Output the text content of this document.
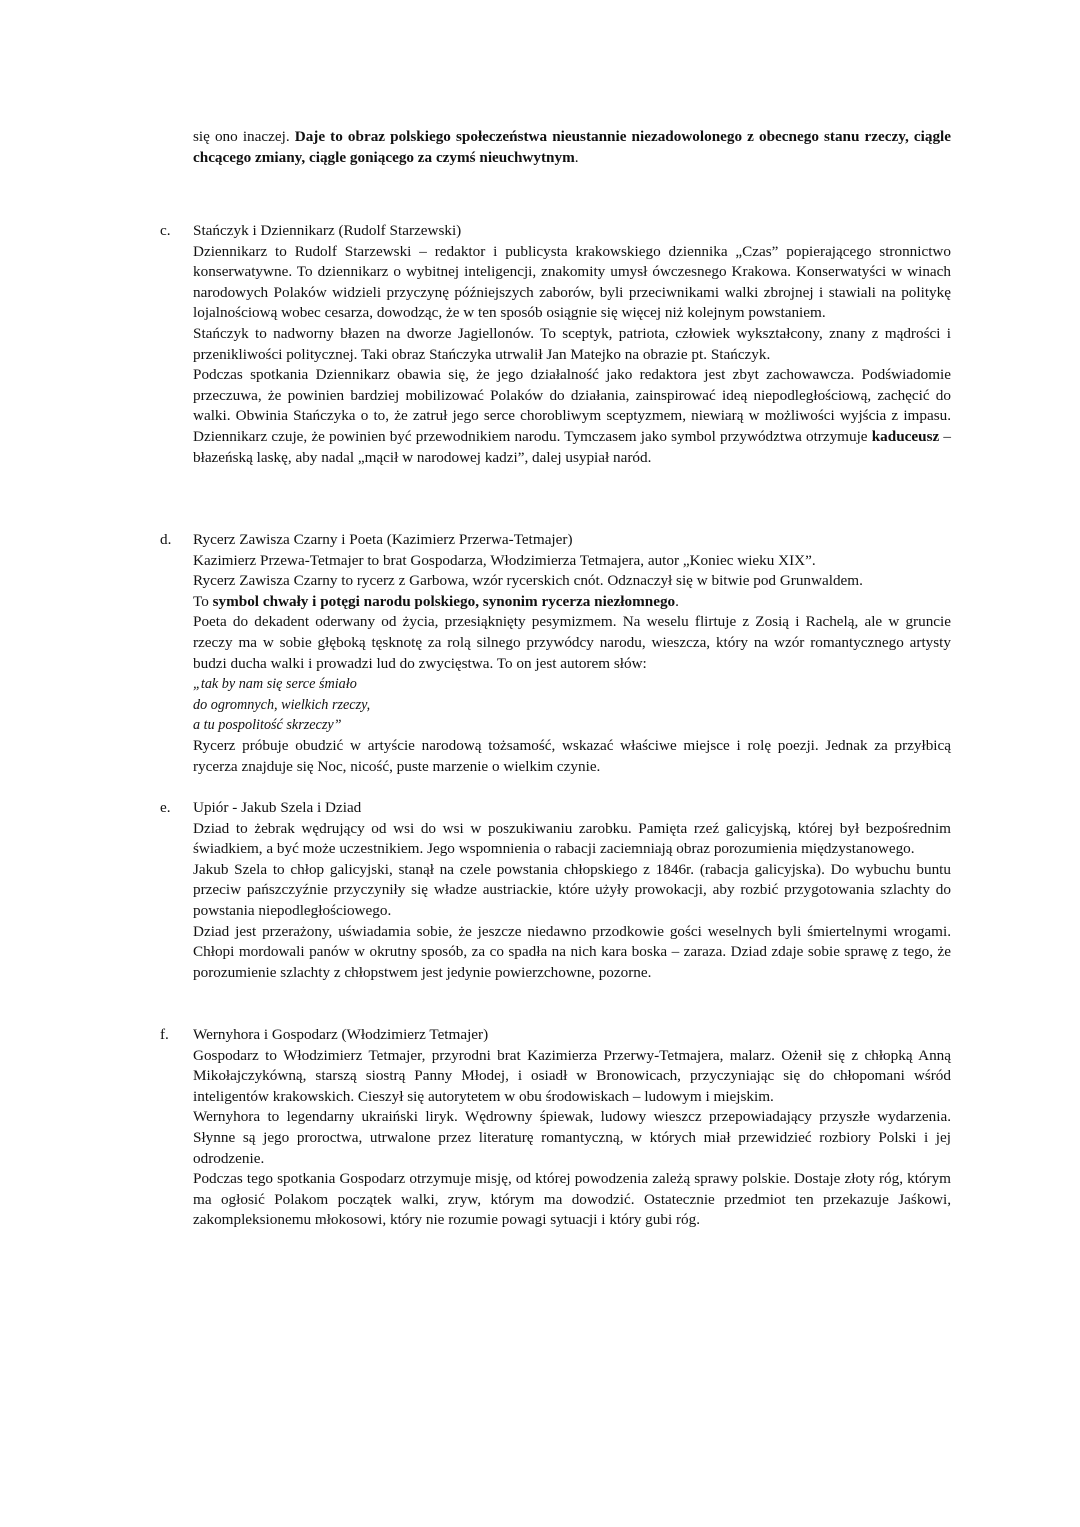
się ono inaczej. Daje to obraz polskiego społeczeństwa nieustannie niezadowolonego z obecnego stanu rzeczy, ciągle chcącego zmiany, ciągle goniącego za czymś nieuchwytnym.
c.	Stańczyk i Dziennikarz (Rudolf Starzewski)

Dziennikarz to Rudolf Starzewski – redaktor i publicysta krakowskiego dziennika „Czas” popierającego stronnictwo konserwatywne. To dziennikarz o wybitnej inteligencji, znakomity umysł ówczesnego Krakowa. Konserwatyści w winach narodowych Polaków widzieli przyczynę późniejszych zaborów, byli przeciwnikami walki zbrojnej i stawiali na politykę lojalnościową wobec cesarza, dowodząc, że w ten sposób osiągnie się więcej niż kolejnym powstaniem.

Stańczyk to nadworny błazen na dworze Jagiellonów. To sceptyk, patriota, człowiek wykształcony, znany z mądrości i przenikliwości politycznej. Taki obraz Stańczyka utrwalił Jan Matejko na obrazie pt. Stańczyk.

Podczas spotkania Dziennikarz obawia się, że jego działalność jako redaktora jest zbyt zachowawcza. Podświadomie przeczuwa, że powinien bardziej mobilizować Polaków do działania, zainspirować ideą niepodległościową, zachęcić do walki. Obwinia Stańczyka o to, że zatruł jego serce chorobliwym sceptyzmem, niewiarą w możliwości wyjścia z impasu. Dziennikarz czuje, że powinien być przewodnikiem narodu. Tymczasem jako symbol przywództwa otrzymuje kaduceusz – błazeńską laskę, aby nadal „mącił w narodowej kadzi”, dalej usypiał naród.

d.	Rycerz Zawisza Czarny i Poeta (Kazimierz Przerwa-Tetmajer)

Kazimierz Przewa-Tetmajer to brat Gospodarza, Włodzimierza Tetmajera, autor „Koniec wieku XIX”.

Rycerz Zawisza Czarny to rycerz z Garbowa, wzór rycerskich cnót. Odznaczył się w bitwie pod Grunwaldem.

To symbol chwały i potęgi narodu polskiego, synonim rycerza niezłomnego.

Poeta do dekadent oderwany od życia, przesiąknięty pesymizmem. Na weselu flirtuje z Zosią i Rachelą, ale w gruncie rzeczy ma w sobie głęboką tęsknotę za rolą silnego przywódcy narodu, wieszcza, który na wzór romantycznego artysty budzi ducha walki i prowadzi lud do zwycięstwa. To on jest autorem słów:

„tak by nam się serce śmiało

do ogromnych, wielkich rzeczy,

a tu pospolitość skrzeczy”

Rycerz próbuje obudzić w artyście narodową tożsamość, wskazać właściwe miejsce i rolę poezji. Jednak za przyłbicą rycerza znajduje się Noc, nicość, puste marzenie o wielkim czynie.

e.	Upiór - Jakub Szela i Dziad

Dziad to żebrak wędrujący od wsi do wsi w poszukiwaniu zarobku. Pamięta rzeź galicyjską, której był bezpośrednim świadkiem, a być może uczestnikiem. Jego wspomnienia o rabacji zaciemniają obraz porozumienia międzystanowego.

Jakub Szela to chłop galicyjski, stanął na czele powstania chłopskiego z 1846r. (rabacja galicyjska). Do wybuchu buntu przeciw pańszczyźnie przyczyniły się władze austriackie, które użyły prowokacji, aby rozbić przygotowania szlachty do powstania niepodległościowego.

Dziad jest przerażony, uświadamia sobie, że jeszcze niedawno przodkowie gości weselnych byli śmiertelnymi wrogami. Chłopi mordowali panów w okrutny sposób, za co spadła na nich kara boska – zaraza. Dziad zdaje sobie sprawę z tego, że porozumienie szlachty z chłopstwem jest jedynie powierzchowne, pozorne.

f.	Wernyhora i Gospodarz (Włodzimierz Tetmajer)

Gospodarz to Włodzimierz Tetmajer, przyrodni brat Kazimierza Przerwy-Tetmajera, malarz. Ożenił się z chłopką Anną Mikołajczykówną, starszą siostrą Panny Młodej, i osiadł w Bronowicach, przyczyniając się do chłopomani wśród inteligentów krakowskich. Cieszył się autorytetem w obu środowiskach – ludowym i miejskim.

Wernyhora to legendarny ukraiński liryk. Wędrowny śpiewak, ludowy wieszcz przepowiadający przyszłe wydarzenia. Słynne są jego proroctwa, utrwalone przez literaturę romantyczną, w których miał przewidzieć rozbiory Polski i jej odrodzenie.

Podczas tego spotkania Gospodarz otrzymuje misję, od której powodzenia zależą sprawy polskie. Dostaje złoty róg, którym ma ogłosić Polakom początek walki, zryw, którym ma dowodzić. Ostatecznie przedmiot ten przekazuje Jaśkowi, zakompleksionemu młokosowi, który nie rozumie powagi sytuacji i który gubi róg.
